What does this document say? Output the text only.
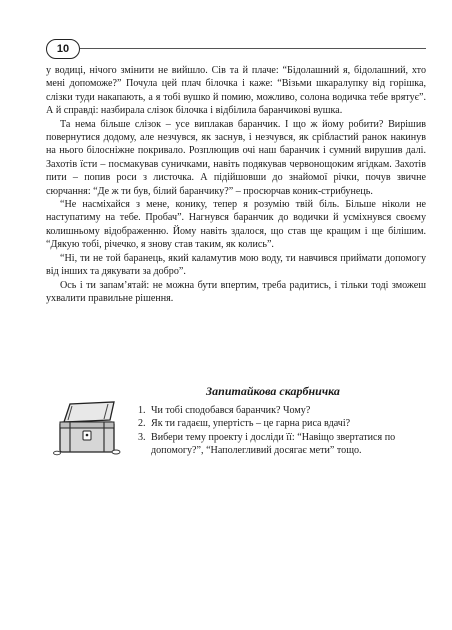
10

у водиці, нічого змінити не вийшло. Сів та й плаче: “Бідолашний я, бідолашний, хто мені допоможе?” Почула цей плач білочка і каже: “Візьми шкаралупку від горішка, слізки туди накапають, а я тобі вушко й помию, можливо, солона водичка тебе врятує”. А й справді: назбирала слізок білочка і відбілила баранчикові вушка.

Та нема більше слізок – усе виплакав баранчик. І що ж йому робити? Вирішив повернутися додому, але незчувся, як заснув, і незчувся, як срібластий ранок накинув на нього білосніжне покривало. Розплющив очі наш баранчик і сумний вирушив далі. Захотів їсти – посмакував суничками, навіть подякував червонощоким ягідкам. Захотів пити – попив роси з листочка. А підійшовши до знайомої річки, почув звичне сюрчання: “Де ж ти був, білий баранчику?” – просюрчав коник-стрибунець.

“Не насміхайся з мене, конику, тепер я розумію твій біль. Більше ніколи не наступатиму на тебе. Пробач”. Нагнувся баранчик до водички й усміхнувся своєму колишньому відображенню. Йому навіть здалося, що став ще кращим і ще білішим. “Дякую тобі, річечко, я знову став таким, як колись”.

“Ні, ти не той баранець, який каламутив мою воду, ти навчився приймати допомогу від інших та дякувати за добро”.

Ось і ти запам’ятай: не можна бути впертим, треба радитись, і тільки тоді зможеш ухвалити правильне рішення.

Запитайкова скарбничка
1. Чи тобі сподобався баранчик? Чому?
2. Як ти гадаєш, упертість – це гарна риса вдачі?
3. Вибери тему проекту і досліди її: “Навіщо звертатися по допомогу?”, “Наполегливий досягає мети” тощо.
